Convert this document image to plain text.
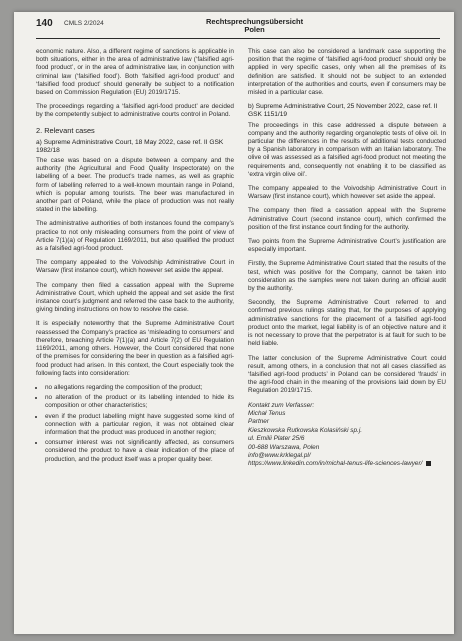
140 CMLS 2/2024	Rechtsprechungsübersicht
Polen

economic nature. Also, a different regime of sanctions is applicable in both situations, either in the area of administrative law (‘falsified agri-food product’, or in the area of administrative law, in conjunction with criminal law (‘falsified food’). Both ‘falsified agri-food product’ and ‘falsified food product’ should generally be subject to a notification based on Commission Regulation (EU) 2019/1715.

The proceedings regarding a ‘falsified agri-food product’ are decided by the competently subject to administrative courts control in Poland.

2. Relevant cases
a) Supreme Administrative Court, 18 May 2022, case ref. II GSK 1982/18

The case was based on a dispute between a company and the authority (the Agricultural and Food Quality Inspectorate) on the labelling of a beer. The product’s trade names, as well as graphic form of labelling referred to a well-known mountain range in Poland, which is popular among tourists. The beer was manufactured in another part of Poland, while the place of production was not really stated in the labelling.

The administrative authorities of both instances found the company’s practice to not only misleading consumers from the point of view of Article 7(1)(a) of Regulation 1169/2011, but also qualified the product as a falsified agri-food product.

The company appealed to the Voivodship Administrative Court in Warsaw (first instance court), which however set aside the appeal.

The company then filed a cassation appeal with the Supreme Administrative Court, which upheld the appeal and set aside the first instance court’s judgment and referred the case back to the authority, giving binding instructions on how to resolve the case.

It is especially noteworthy that the Supreme Administrative Court reassessed the Company’s practice as ‘misleading to consumers’ and therefore, breaching Article 7(1)(a) and Article 7(2) of EU Regulation 1169/2011, among others. However, the Court considered that none of the premises for considering the beer in question as a falsified agri-food product had arisen. In this context, the Court especially took the following facts into consideration:

• no allegations regarding the composition of the product;
• no alteration of the product or its labelling intended to hide its composition or other characteristics;
• even if the product labelling might have suggested some kind of connection with a particular region, it was not obtained clear information that the product was produced in another region;
• consumer interest was not significantly affected, as consumers considered the product to have a clear indication of the place of production, and the product itself was a proper quality beer.

This case can also be considered a landmark case supporting the position that the regime of ‘falsified agri-food product’ should only be applied in very specific cases, only when all the premises of its definition are satisfied. It should not be subject to an extended interpretation of the authorities and courts, even if consumers may be misled in a particular case.

b) Supreme Administrative Court, 25 November 2022, case ref. II GSK 1151/19

The proceedings in this case addressed a dispute between a company and the authority regarding organoleptic tests of olive oil. In particular the differences in the results of additional tests conducted by a Spanish laboratory in comparison with an Italian laboratory. The olive oil was assessed as a falsified agri-food product not meeting the requirements and, consequently not enabling it to be classified as ‘extra virgin olive oil’.

The company appealed to the Voivodship Administrative Court in Warsaw (first instance court), which however set aside the appeal.

The company then filed a cassation appeal with the Supreme Administrative Court (second instance court), which confirmed the position of the first instance court finding for the authority.

Two points from the Supreme Administrative Court’s justification are especially important.

Firstly, the Supreme Administrative Court stated that the results of the test, which was positive for the Company, cannot be taken into consideration as the samples were not taken during an official audit by the authority.

Secondly, the Supreme Administrative Court referred to and confirmed previous rulings stating that, for the purposes of applying administrative sanctions for the placement of a falsified agri-food product onto the market, legal liability is of an objective nature and it is not necessary to prove that the perpetrator is at fault for such to be held liable.

The latter conclusion of the Supreme Administrative Court could result, among others, in a conclusion that not all cases classified as ‘falsified agri-food products’ in Poland can be considered ‘frauds’ in the agri-food chain in the meaning of the provisions laid down by EU Regulation 2019/1715.

Kontakt zum Verfasser:
Michał Tenus
Partner
Kieszkowska Rutkowska Kolasiński sp.j.
ul. Emilii Plater 25/6
00-688 Warszawa, Polen
info@www.krklegal.pl/
https://www.linkedin.com/in/michal-tenus-life-sciences-lawyer/
